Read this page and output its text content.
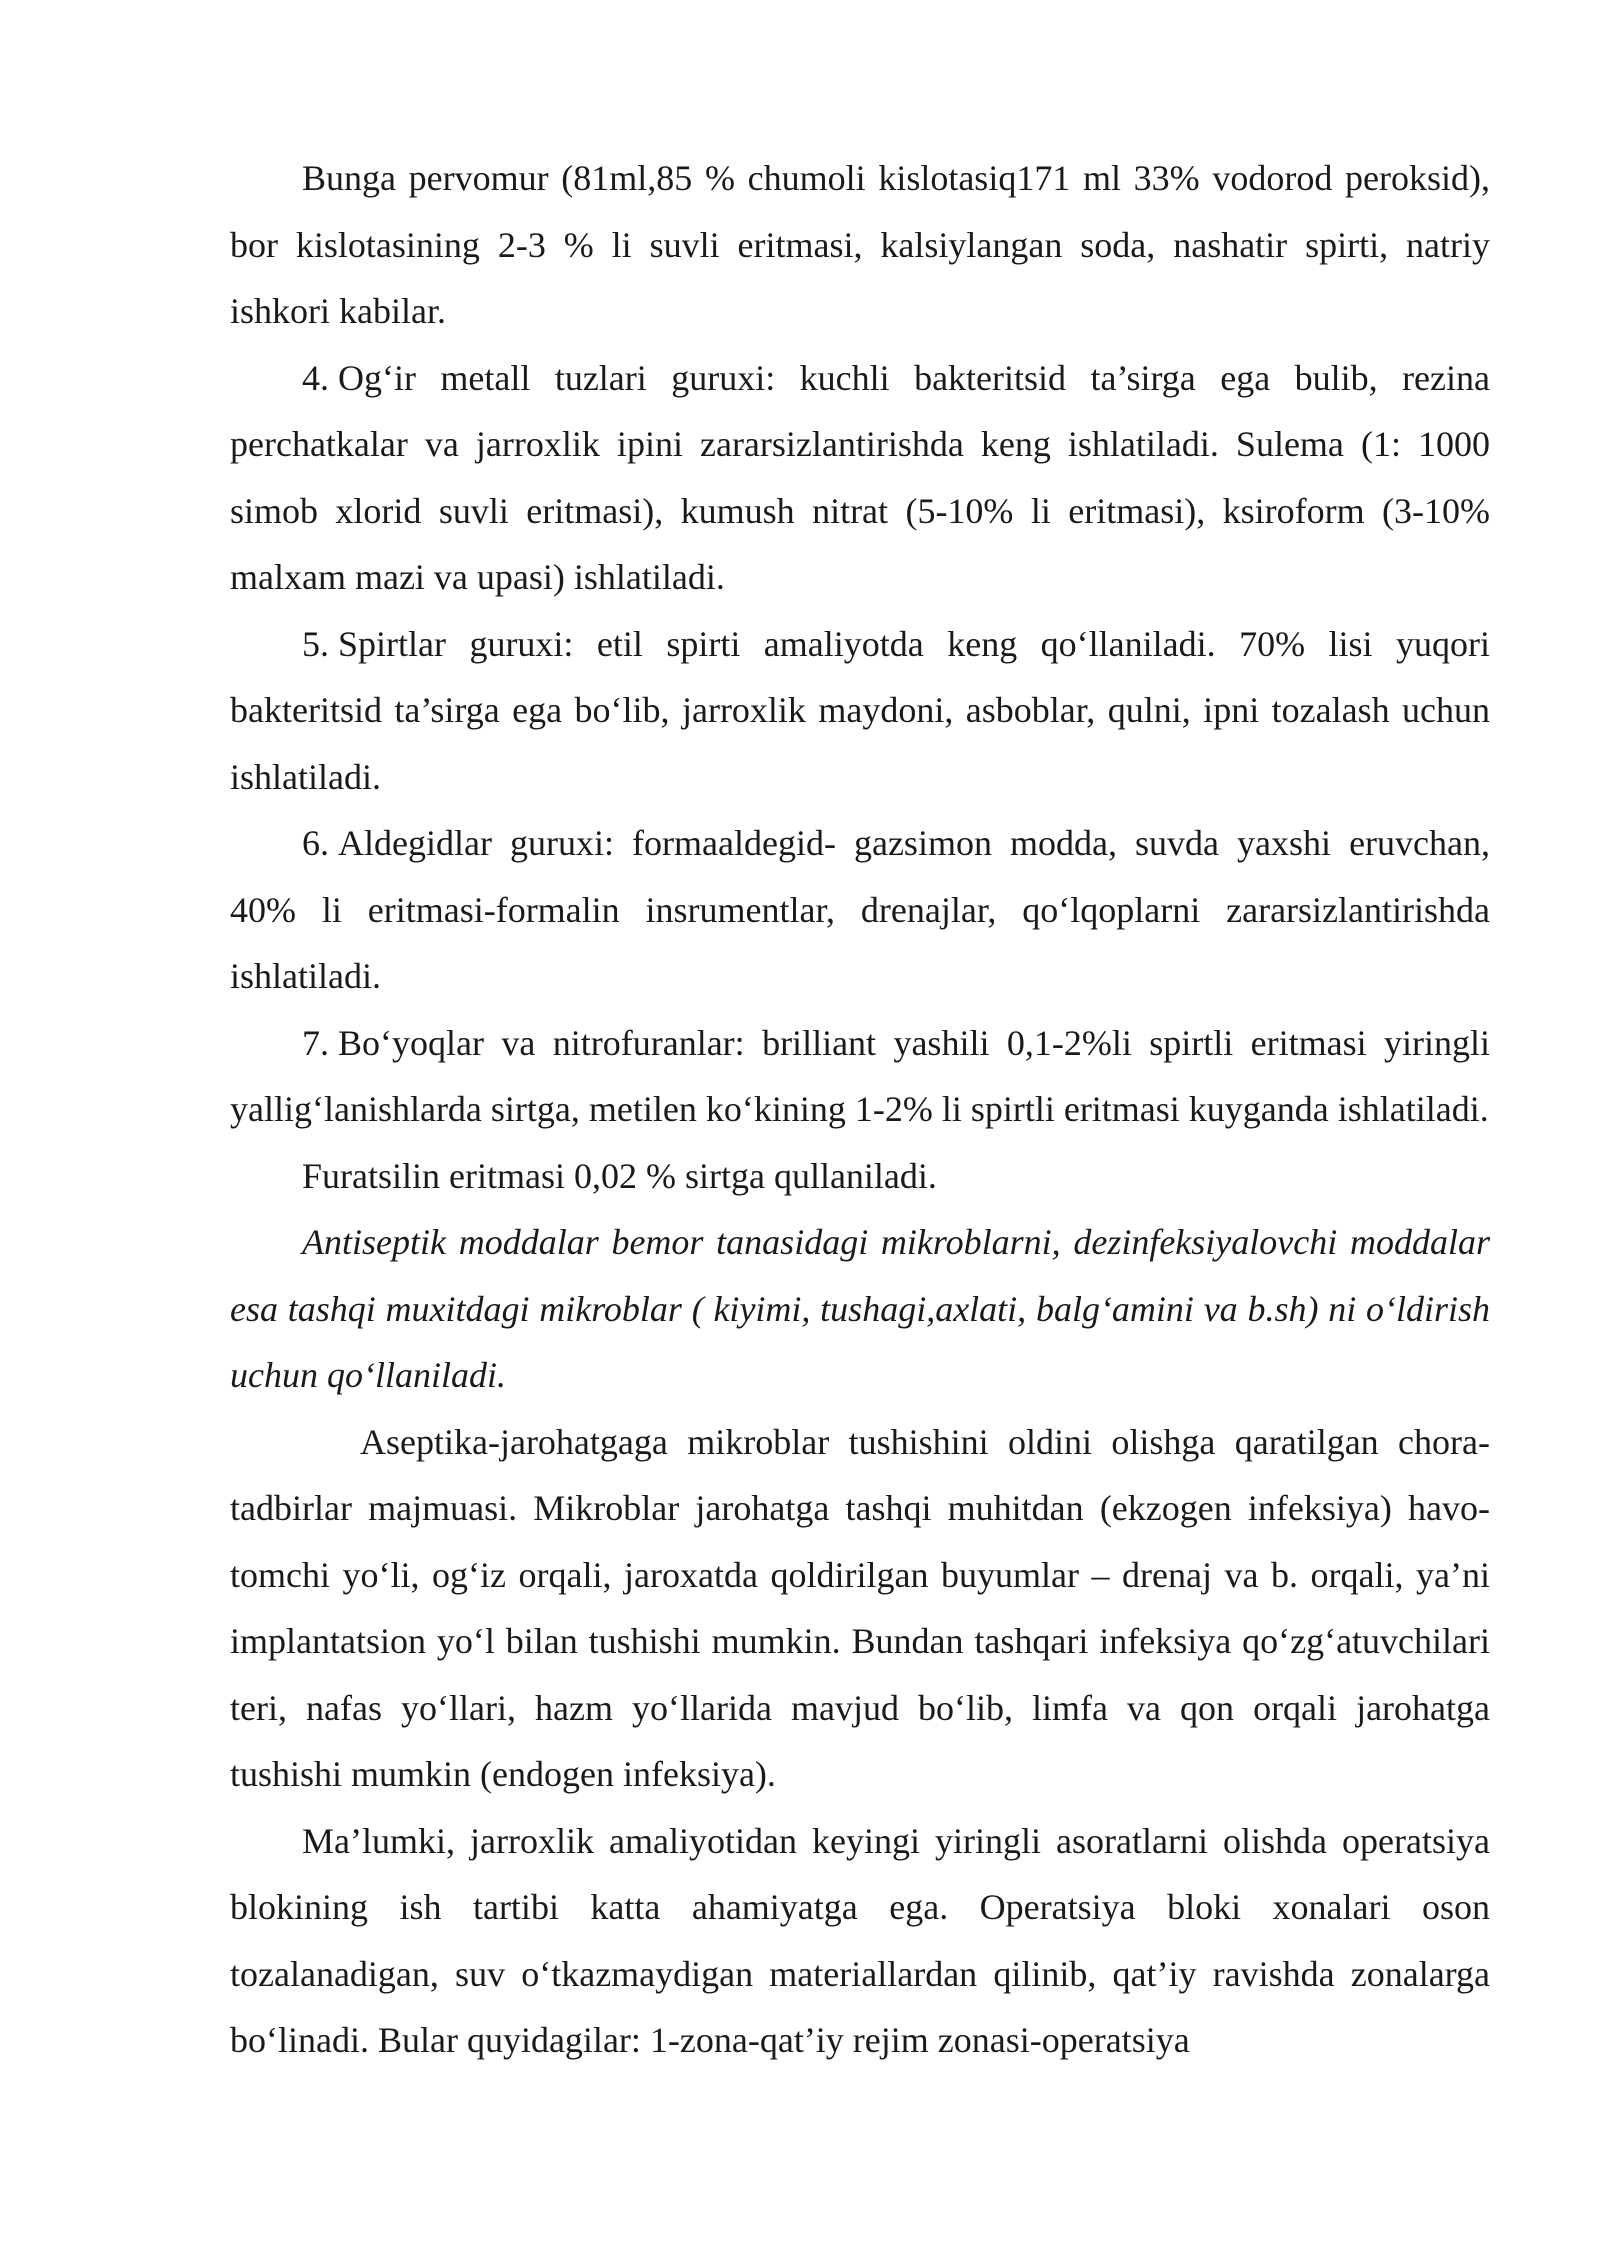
Bunga pervomur (81ml,85 % chumoli kislotasiq171 ml 33% vodorod peroksid), bor kislotasining 2-3 % li suvli eritmasi, kalsiylangan soda, nashatir spirti, natriy ishkori kabilar.

4. Og‘ir metall tuzlari guruxi: kuchli bakteritsid ta’sirga ega bulib, rezina perchatkalar va jarroxlik ipini zararsizlantirishda keng ishlatiladi. Sulema (1: 1000 simob xlorid suvli eritmasi), kumush nitrat (5-10% li eritmasi), ksiroform (3-10% malxam mazi va upasi) ishlatiladi.

5. Spirtlar guruxi: etil spirti amaliyotda keng qo‘llaniladi. 70% lisi yuqori bakteritsid ta’sirga ega bo‘lib, jarroxlik maydoni, asboblar, qulni, ipni tozalash uchun ishlatiladi.

6. Aldegidlar guruxi: formaaldegid- gazsimon modda, suvda yaxshi eruvchan, 40% li eritmasi-formalin insrumentlar, drenajlar, qo‘lqoplarni zararsizlantirishda ishlatiladi.

7. Bo‘yoqlar va nitrofuranlar: brilliant yashili 0,1-2%li spirtli eritmasi yiringli yallig‘lanishlarda sirtga, metilen ko‘kining 1-2% li spirtli eritmasi kuyganda ishlatiladi.

Furatsilin eritmasi 0,02 % sirtga qullaniladi.

Antiseptik moddalar bemor tanasidagi mikroblarni, dezinfeksiyalovchi moddalar esa tashqi muxitdagi mikroblar ( kiyimi, tushagi,axlati, balg‘amini va b.sh) ni o‘ldirish uchun qo‘llaniladi.

Aseptika-jarohatgaga mikroblar tushishini oldini olishga qaratilgan chora-tadbirlar majmuasi. Mikroblar jarohatga tashqi muhitdan (ekzogen infeksiya) havo-tomchi yo‘li, og‘iz orqali, jaroxatda qoldirilgan buyumlar – drenaj va b. orqali, ya’ni implantatsion yo‘l bilan tushishi mumkin. Bundan tashqari infeksiya qo‘zg‘atuvchilari teri, nafas yo‘llari, hazm yo‘llarida mavjud bo‘lib, limfa va qon orqali jarohatga tushishi mumkin (endogen infeksiya).

Ma’lumki, jarroxlik amaliyotidan keyingi yiringli asoratlarni olishda operatsiya blokining ish tartibi katta ahamiyatga ega. Operatsiya bloki xonalari oson tozalanadigan, suv o‘tkazmaydigan materiallardan qilinib, qat’iy ravishda zonalarga bo‘linadi. Bular quyidagilar: 1-zona-qat’iy rejim zonasi-operatsiya
